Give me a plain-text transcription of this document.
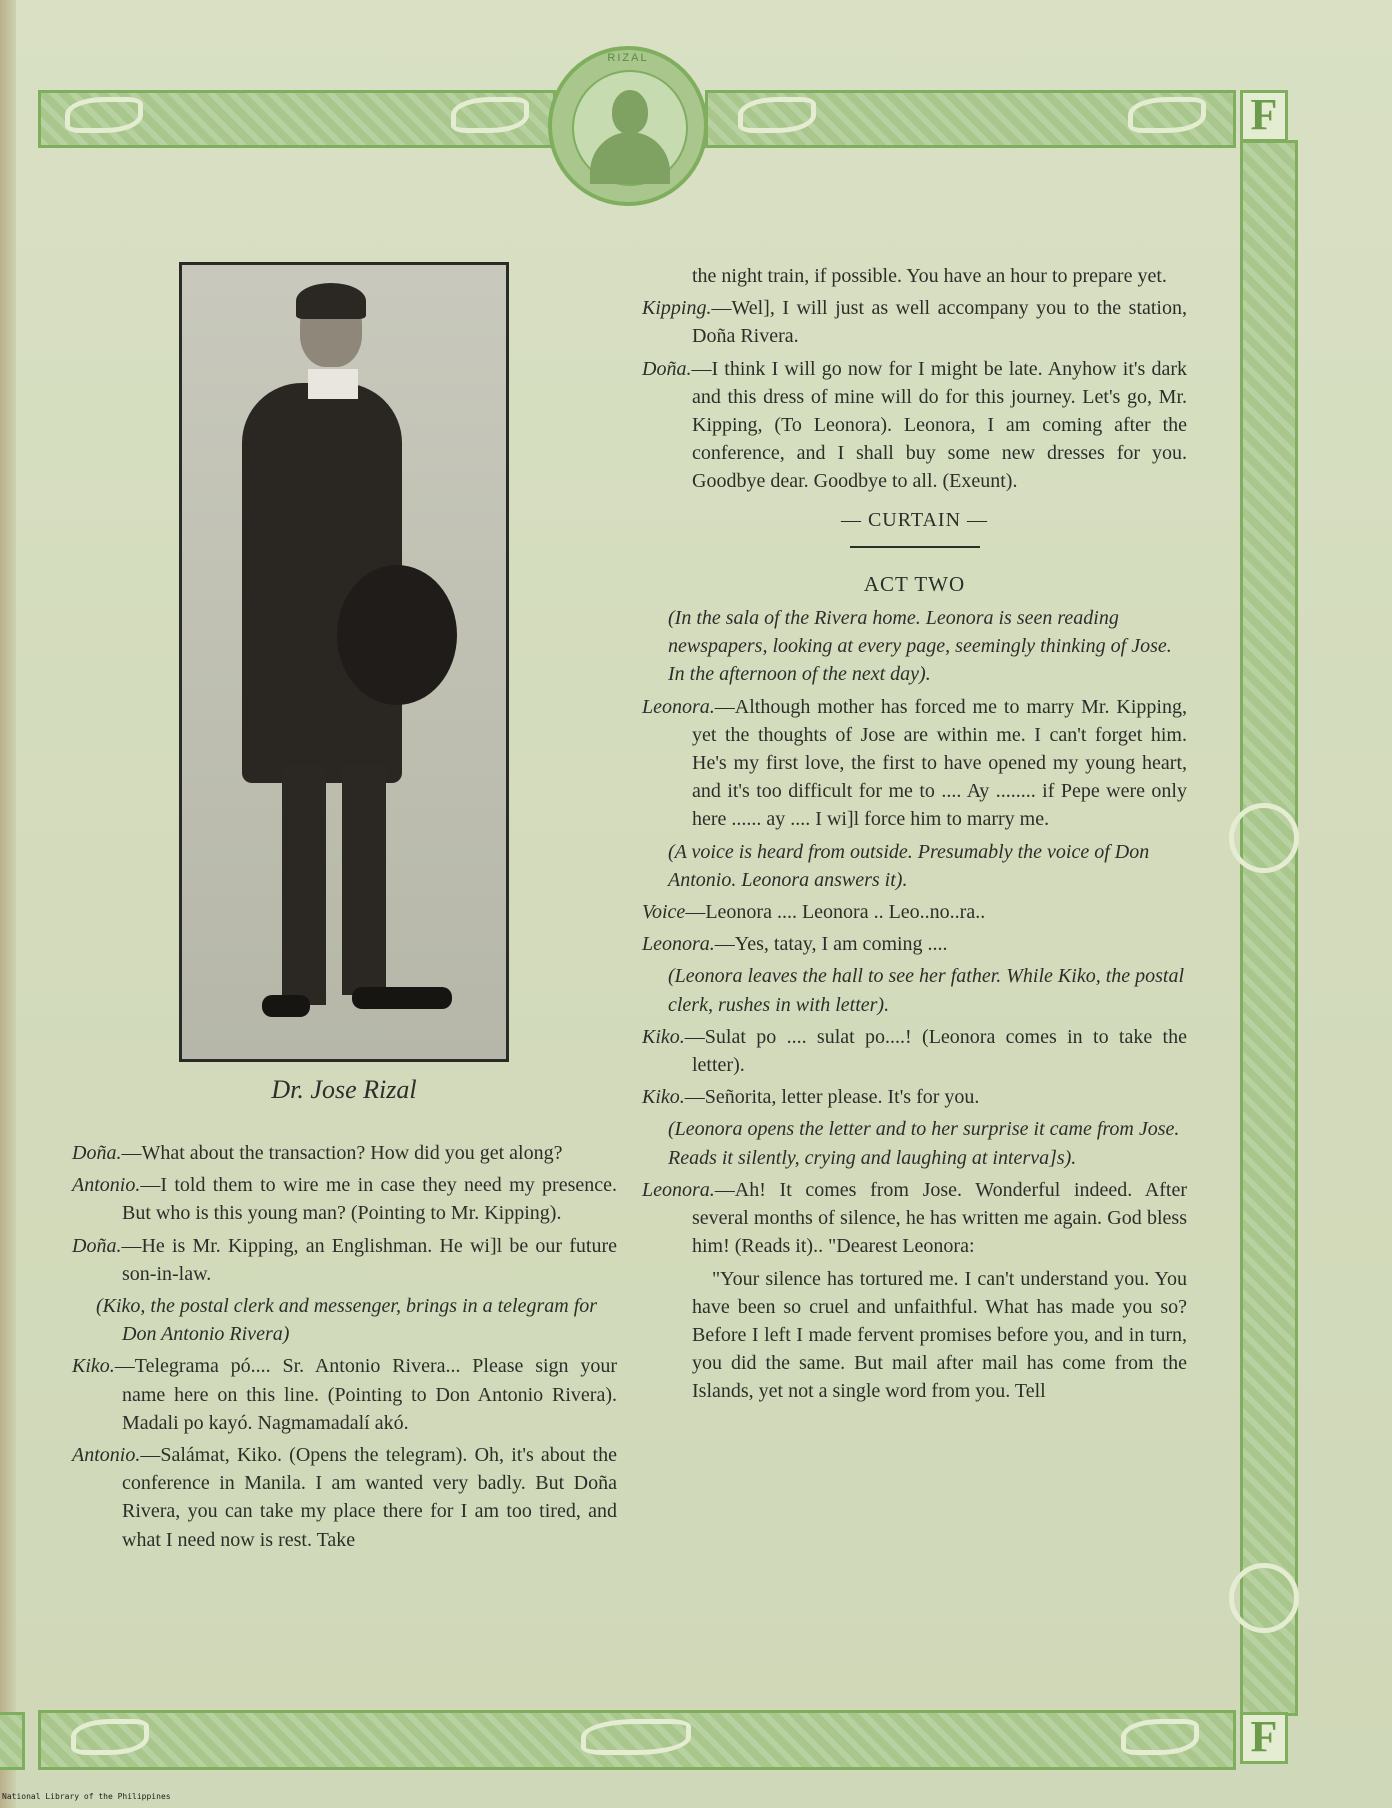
F
F
RIZAL
Dr. Jose Rizal

Doña.—What about the transaction? How did you get along?

Antonio.—I told them to wire me in case they need my presence. But who is this young man? (Pointing to Mr. Kipping).

Doña.—He is Mr. Kipping, an Englishman. He wi]l be our future son-in-law.

(Kiko, the postal clerk and messenger, brings in a telegram for Don Antonio Rivera)

Kiko.—Telegrama pó.... Sr. Antonio Rivera... Please sign your name here on this line. (Pointing to Don Antonio Rivera). Madali po kayó. Nagmamadalí akó.

Antonio.—Salámat, Kiko. (Opens the telegram). Oh, it's about the conference in Manila. I am wanted very badly. But Doña Rivera, you can take my place there for I am too tired, and what I need now is rest. Take

the night train, if possible. You have an hour to prepare yet.

Kipping.—Wel], I will just as well accompany you to the station, Doña Rivera.

Doña.—I think I will go now for I might be late. Anyhow it's dark and this dress of mine will do for this journey. Let's go, Mr. Kipping, (To Leonora). Leonora, I am coming after the conference, and I shall buy some new dresses for you. Goodbye dear. Goodbye to all. (Exeunt).

— CURTAIN —

ACT TWO

(In the sala of the Rivera home. Leonora is seen reading newspapers, looking at every page, seemingly thinking of Jose. In the afternoon of the next day).

Leonora.—Although mother has forced me to marry Mr. Kipping, yet the thoughts of Jose are within me. I can't forget him. He's my first love, the first to have opened my young heart, and it's too difficult for me to .... Ay ........ if Pepe were only here ...... ay .... I wi]l force him to marry me.

(A voice is heard from outside. Presumably the voice of Don Antonio. Leonora answers it).

Voice—Leonora .... Leonora .. Leo..no..ra..

Leonora.—Yes, tatay, I am coming ....

(Leonora leaves the hall to see her father. While Kiko, the postal clerk, rushes in with letter).

Kiko.—Sulat po .... sulat po....! (Leonora comes in to take the letter).

Kiko.—Señorita, letter please. It's for you.

(Leonora opens the letter and to her surprise it came from Jose. Reads it silently, crying and laughing at interva]s).

Leonora.—Ah! It comes from Jose. Wonderful indeed. After several months of silence, he has written me again. God bless him! (Reads it).. "Dearest Leonora:

"Your silence has tortured me. I can't understand you. You have been so cruel and unfaithful. What has made you so? Before I left I made fervent promises before you, and in turn, you did the same. But mail after mail has come from the Islands, yet not a single word from you. Tell

National Library of the Philippines
